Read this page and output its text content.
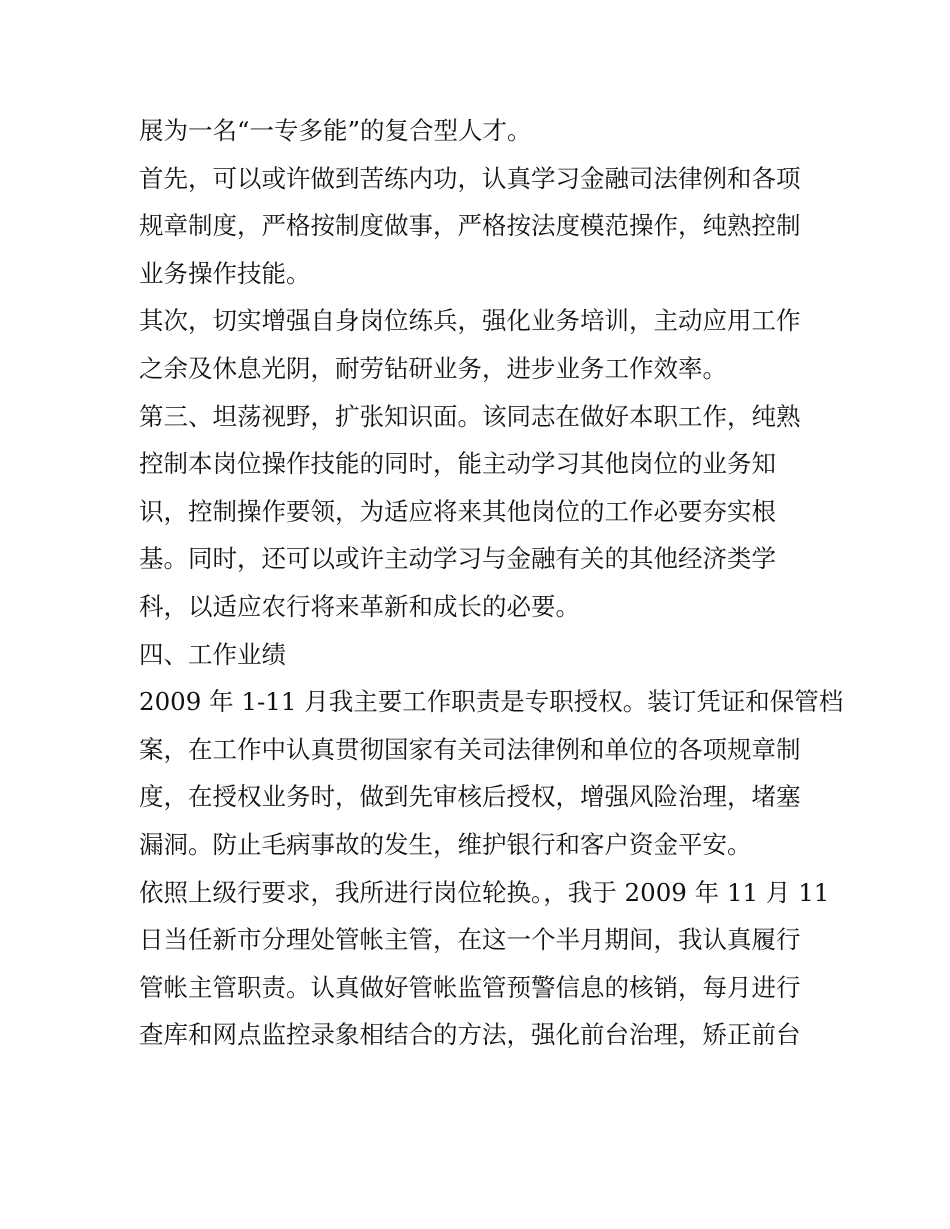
展为一名“一专多能”的复合型人才。
首先，可以或许做到苦练内功，认真学习金融司法律例和各项
规章制度，严格按制度做事，严格按法度模范操作，纯熟控制
业务操作技能。
其次，切实增强自身岗位练兵，强化业务培训，主动应用工作
之余及休息光阴，耐劳钻研业务，进步业务工作效率。
第三、坦荡视野，扩张知识面。该同志在做好本职工作，纯熟
控制本岗位操作技能的同时，能主动学习其他岗位的业务知
识，控制操作要领，为适应将来其他岗位的工作必要夯实根
基。同时，还可以或许主动学习与金融有关的其他经济类学
科，以适应农行将来革新和成长的必要。
四、工作业绩
2009 年 1-11 月我主要工作职责是专职授权。装订凭证和保管档
案，在工作中认真贯彻国家有关司法律例和单位的各项规章制
度，在授权业务时，做到先审核后授权，增强风险治理，堵塞
漏洞。防止毛病事故的发生，维护银行和客户资金平安。
依照上级行要求，我所进行岗位轮换。，我于 2009 年 11 月 11
日当任新市分理处管帐主管，在这一个半月期间，我认真履行
管帐主管职责。认真做好管帐监管预警信息的核销，每月进行
查库和网点监控录象相结合的方法，强化前台治理，矫正前台
